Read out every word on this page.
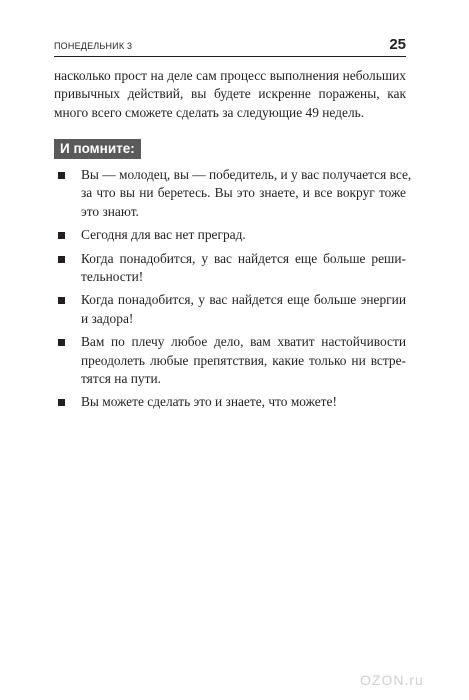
ПОНЕДЕЛЬНИК 3	25
насколько прост на деле сам процесс выполнения небольших
привычных действий, вы будете искренне поражены, как
много всего сможете сделать за следующие 49 недель.
И помните:
Вы — молодец, вы — победитель, и у вас получается все,
за что вы ни беретесь. Вы это знаете, и все вокруг тоже
это знают.
Сегодня для вас нет преград.
Когда понадобится, у вас найдется еще больше реши-
тельности!
Когда понадобится, у вас найдется еще больше энергии
и задора!
Вам по плечу любое дело, вам хватит настойчивости
преодолеть любые препятствия, какие только ни встре-
тятся на пути.
Вы можете сделать это и знаете, что можете!
OZON.ru
